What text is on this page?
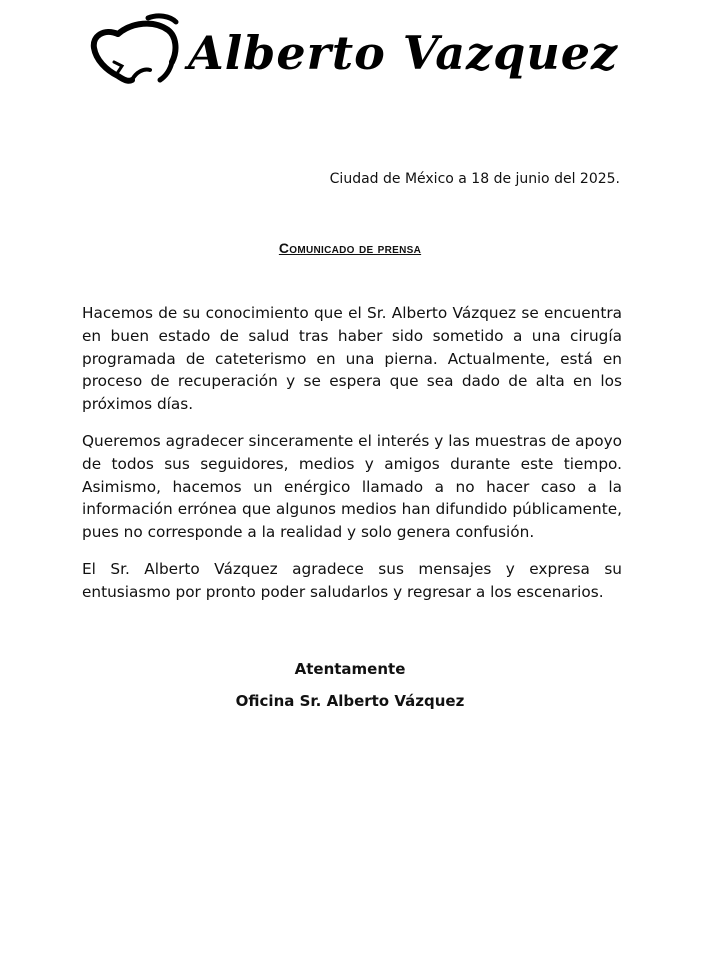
Alberto Vazquez
Ciudad de México a 18 de junio del 2025.
Comunicado de prensa

Hacemos de su conocimiento que el Sr. Alberto Vázquez se encuentra en buen estado de salud tras haber sido sometido a una cirugía programada de cateterismo en una pierna. Actualmente, está en proceso de recuperación y se espera que sea dado de alta en los próximos días.

Queremos agradecer sinceramente el interés y las muestras de apoyo de todos sus seguidores, medios y amigos durante este tiempo. Asimismo, hacemos un enérgico llamado a no hacer caso a la información errónea que algunos medios han difundido públicamente, pues no corresponde a la realidad y solo genera confusión.

El Sr. Alberto Vázquez agradece sus mensajes y expresa su entusiasmo por pronto poder saludarlos y regresar a los escenarios.

Atentamente
Oficina Sr. Alberto Vázquez
